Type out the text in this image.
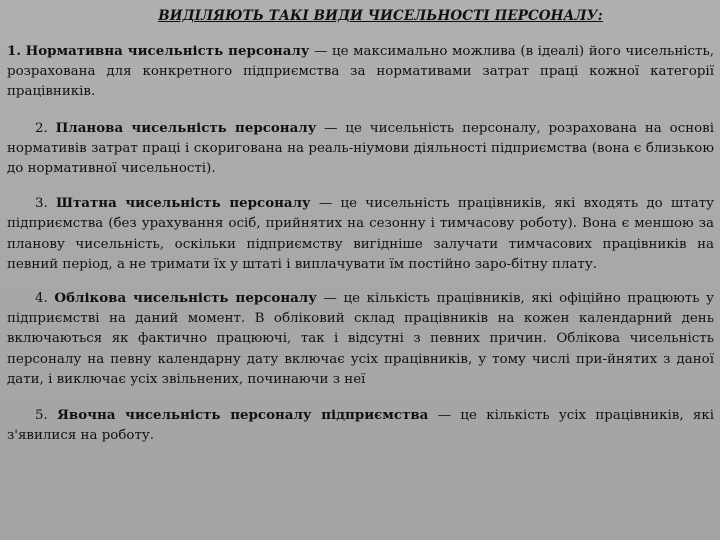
ВИДІЛЯЮТЬ ТАКІ ВИДИ ЧИСЕЛЬНОСТІ ПЕРСОНАЛУ:

1. Нормативна чисельність персоналу — це максимально можлива (в ідеалі) його чисельність, розрахована для конкретного підприємства за нормативами затрат праці кожної категорії працівників.

2. Планова чисельність персоналу — це чисельність персоналу, розрахована на основі нормативів затрат праці і скоригована на реаль-ніумови діяльності підприємства (вона є близькою до нормативної чисельності).

3. Штатна чисельність персоналу — це чисельність працівників, які входять до штату підприємства (без урахування осіб, прийнятих на сезонну і тимчасову роботу). Вона є меншою за планову чисельність, оскільки підприємству вигідніше залучати тимчасових працівників на певний період, а не тримати їх у штаті і виплачувати їм постійно заро-бітну плату.

4. Облікова чисельність персоналу — це кількість працівників, які офіційно працюють у підприємстві на даний момент. В обліковий склад працівників на кожен календарний день включаються як фактично працюючі, так і відсутні з певних причин. Облікова чисельність персоналу на певну календарну дату включає усіх працівників, у тому числі при-йнятих з даної дати, і виключає усіх звільнених, починаючи з неї

5. Явочна чисельність персоналу підприємства — це кількість усіх працівників, які з'явилися на роботу.
